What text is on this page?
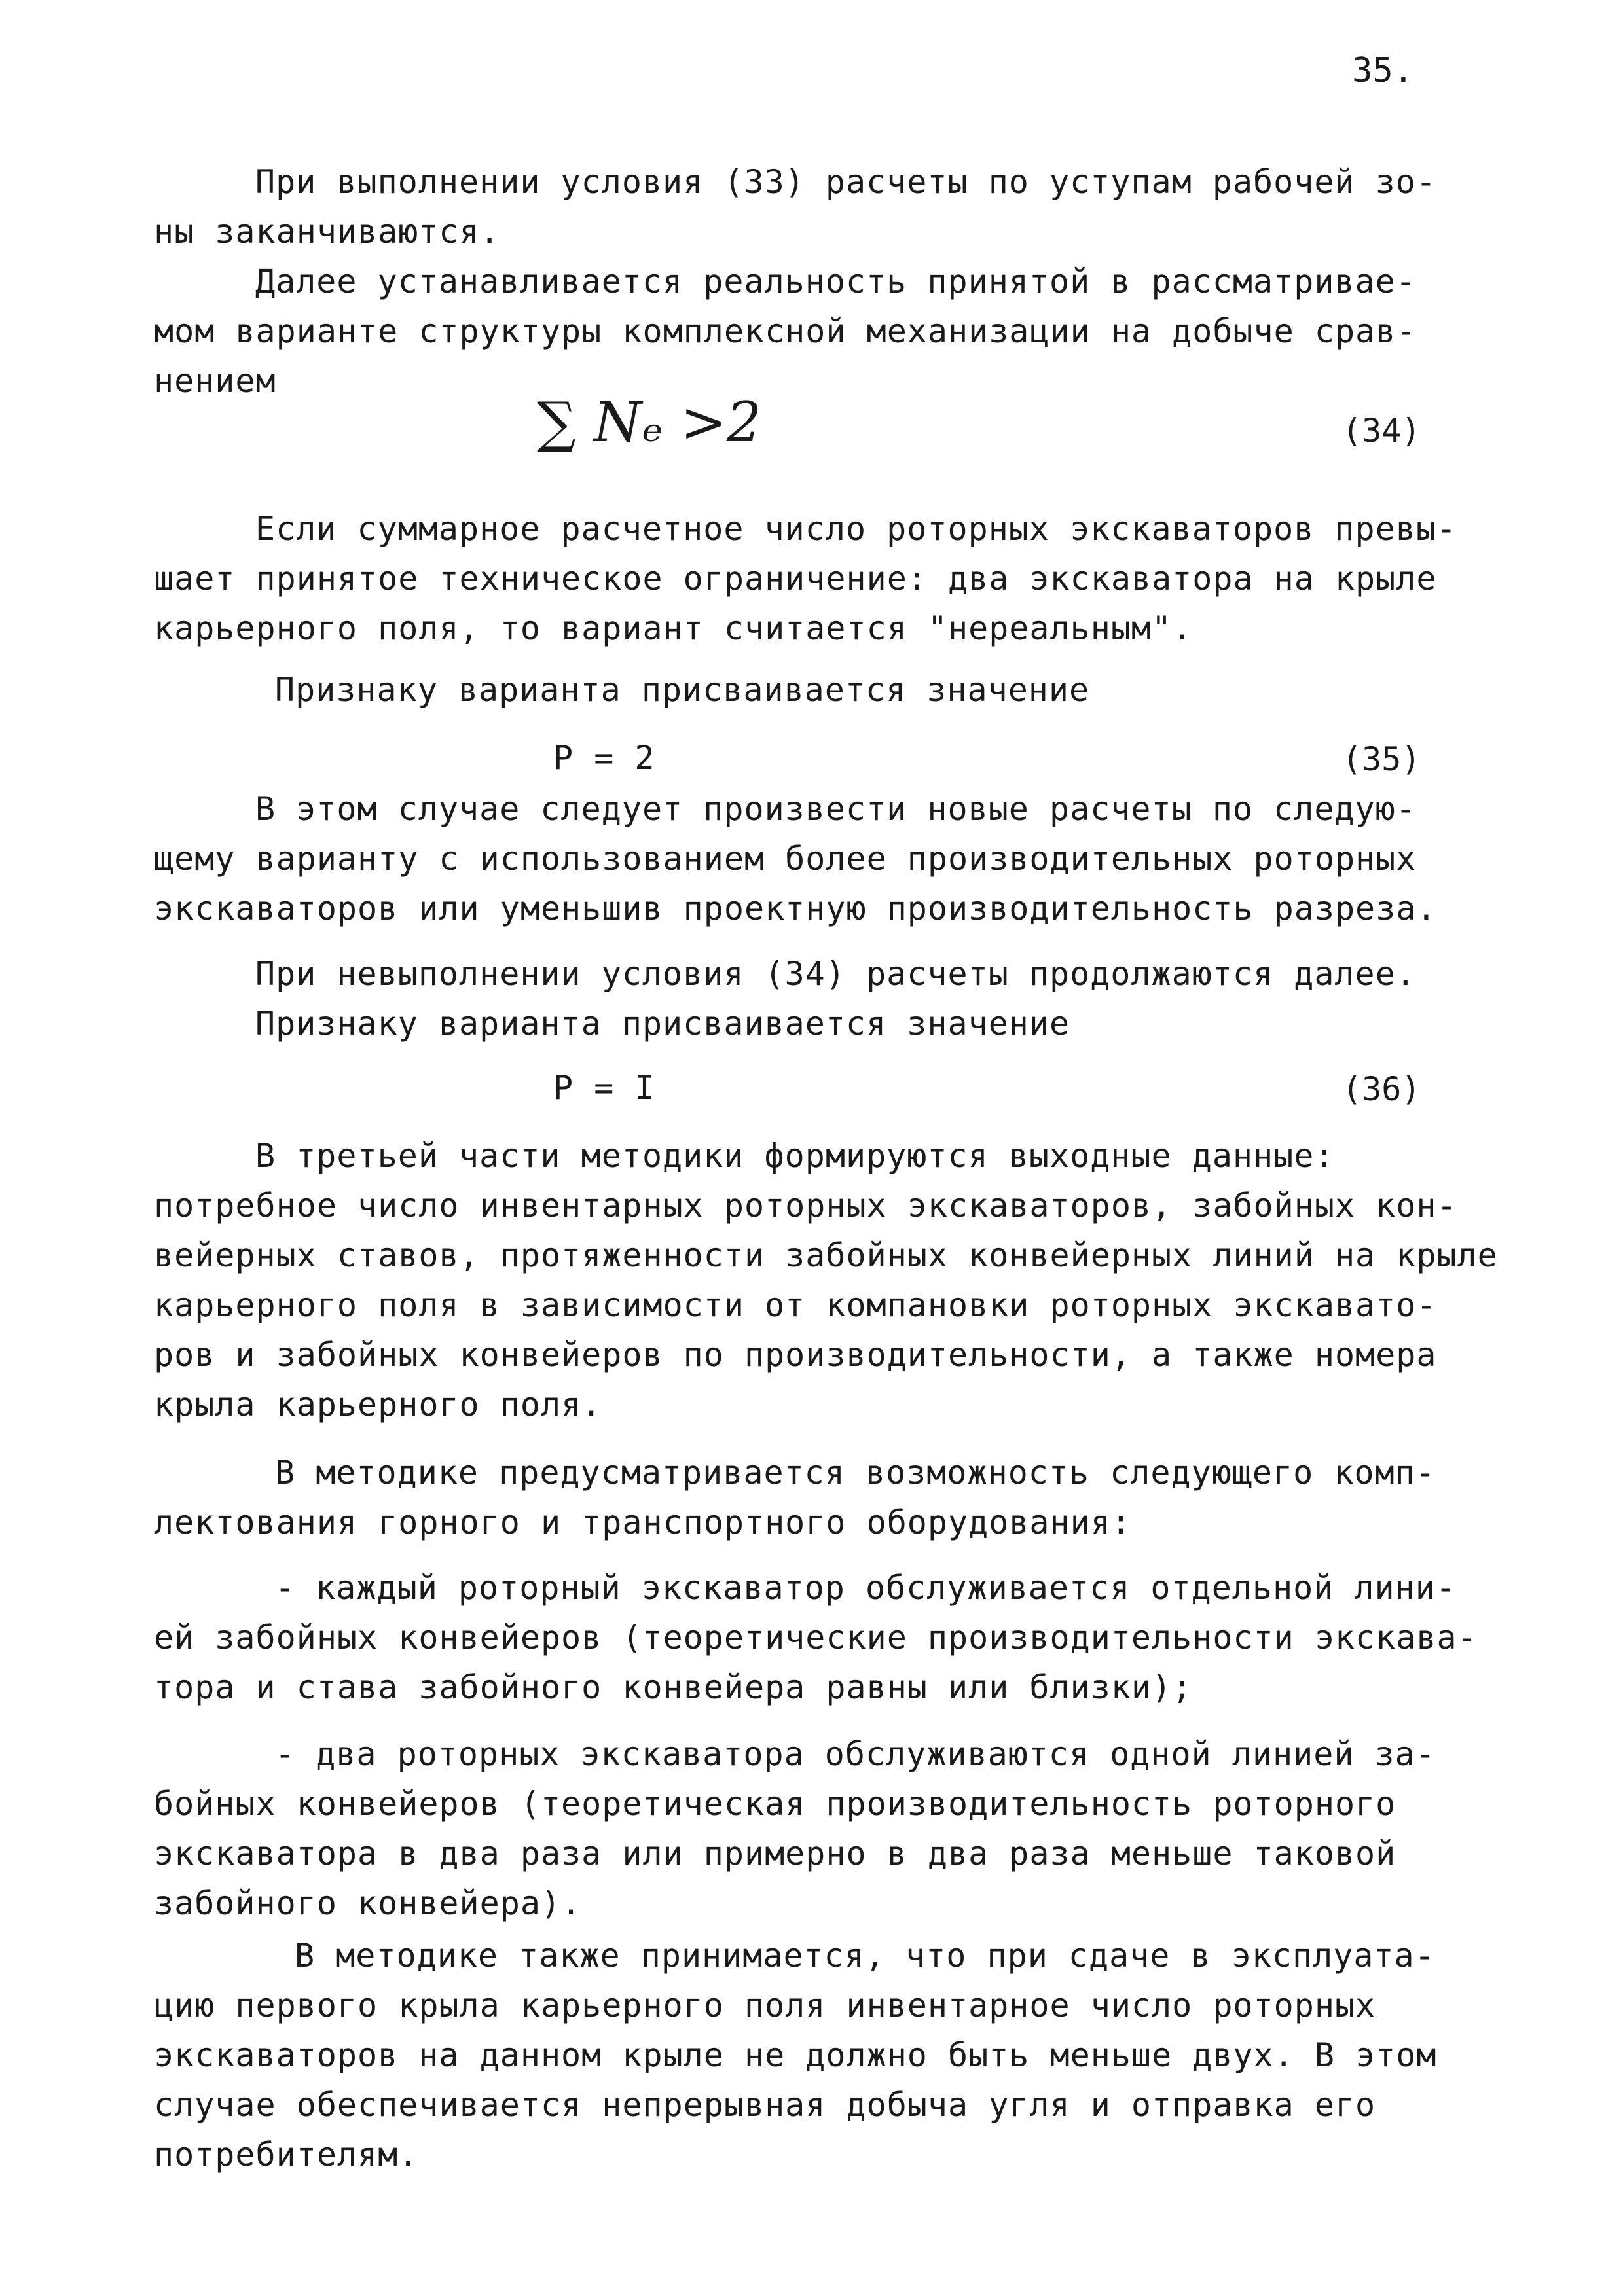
35.
При выполнении условия (33) расчеты по уступам рабочей зо-
ны заканчиваются.
Далее устанавливается реальность принятой в рассматривае-
мом варианте структуры комплексной механизации на добыче срав-
нением
∑ Nₑ >2	(34)
Если суммарное расчетное число роторных экскаваторов превы-
шает принятое техническое ограничение: два экскаватора на крыле
карьерного поля, то вариант считается "нереальным".
Признаку варианта присваивается значение
Р = 2	(35)
В этом случае следует произвести новые расчеты по следую-
щему варианту с использованием более производительных роторных
экскаваторов или уменьшив проектную производительность разреза.
При невыполнении условия (34) расчеты продолжаются далее.
Признаку варианта присваивается значение
Р = I	(36)
В третьей части методики формируются выходные данные:
потребное число инвентарных роторных экскаваторов, забойных кон-
вейерных ставов, протяженности забойных конвейерных линий на крыле
карьерного поля в зависимости от компановки роторных экскавато-
ров и забойных конвейеров по производительности, а также номера
крыла карьерного поля.
В методике предусматривается возможность следующего комп-
лектования горного и транспортного оборудования:
- каждый роторный экскаватор обслуживается отдельной лини-
ей забойных конвейеров (теоретические производительности экскава-
тора и става забойного конвейера равны или близки);
- два роторных экскаватора обслуживаются одной линией за-
бойных конвейеров (теоретическая производительность роторного
экскаватора в два раза или примерно в два раза меньше таковой
забойного конвейера).
В методике также принимается, что при сдаче в эксплуата-
цию первого крыла карьерного поля инвентарное число роторных
экскаваторов на данном крыле не должно быть меньше двух. В этом
случае обеспечивается непрерывная добыча угля и отправка его
потребителям.
